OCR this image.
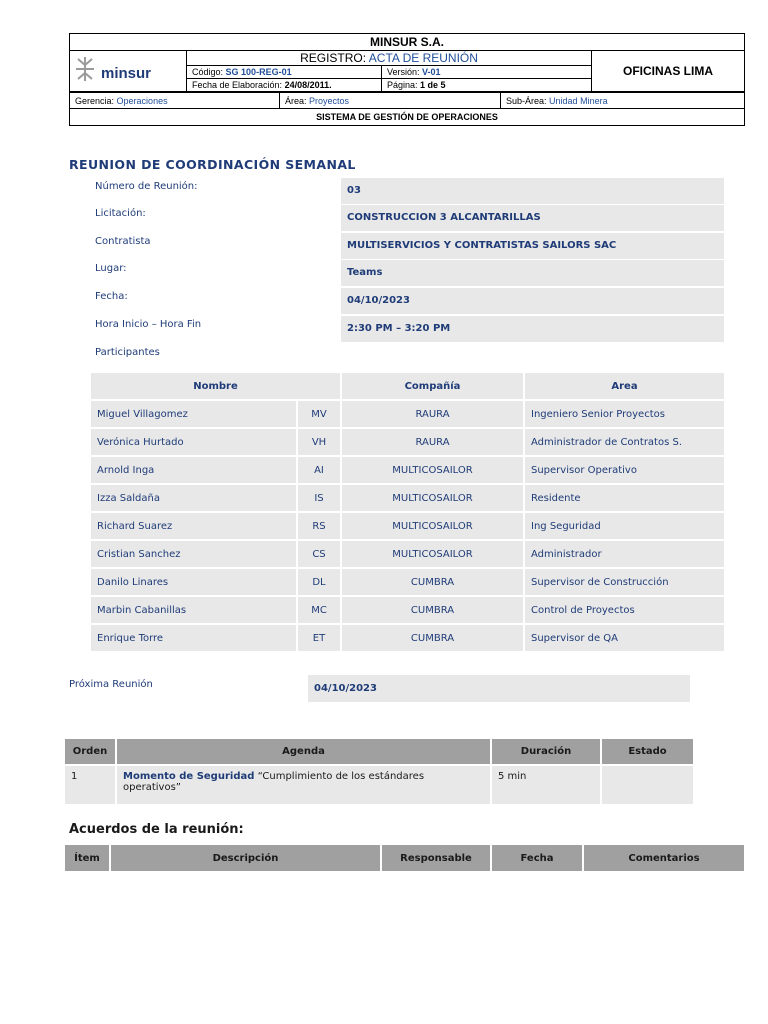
MINSUR S.A.			

minsur	REGISTRO: ACTA DE REUNIÓN		OFICINAS LIMA
	Código: SG 100-REG-01	Versión: V-01	
	Fecha de Elaboración: 24/08/2011.	Página: 1 de 5	
Gerencia: Operaciones	Área: Proyectos	Sub-Área: Unidad Minera
SISTEMA DE GESTIÓN DE OPERACIONES
REUNION DE COORDINACIÓN SEMANAL
Número de Reunión:	03
Licitación:	CONSTRUCCION 3 ALCANTARILLAS
Contratista	MULTISERVICIOS Y CONTRATISTAS SAILORS SAC
Lugar:	Teams
Fecha:	04/10/2023
Hora Inicio – Hora Fin	2:30 PM – 3:20 PM
Participantes
Nombre		Compañía	Area
Miguel Villagomez	MV	RAURA	Ingeniero Senior Proyectos
Verónica Hurtado	VH	RAURA	Administrador de Contratos S.
Arnold Inga	AI	MULTICOSAILOR	Supervisor Operativo
Izza Saldaña	IS	MULTICOSAILOR	Residente
Richard Suarez	RS	MULTICOSAILOR	Ing Seguridad
Cristian Sanchez	CS	MULTICOSAILOR	Administrador
Danilo Linares	DL	CUMBRA	Supervisor de Construcción
Marbin Cabanillas	MC	CUMBRA	Control de Proyectos
Enrique Torre	ET	CUMBRA	Supervisor de QA
Próxima Reunión	04/10/2023
Orden	Agenda	Duración	Estado
1	Momento de Seguridad “Cumplimiento de los estándares operativos”	5 min	
Acuerdos de la reunión:
Ítem	Descripción	Responsable	Fecha	Comentarios
